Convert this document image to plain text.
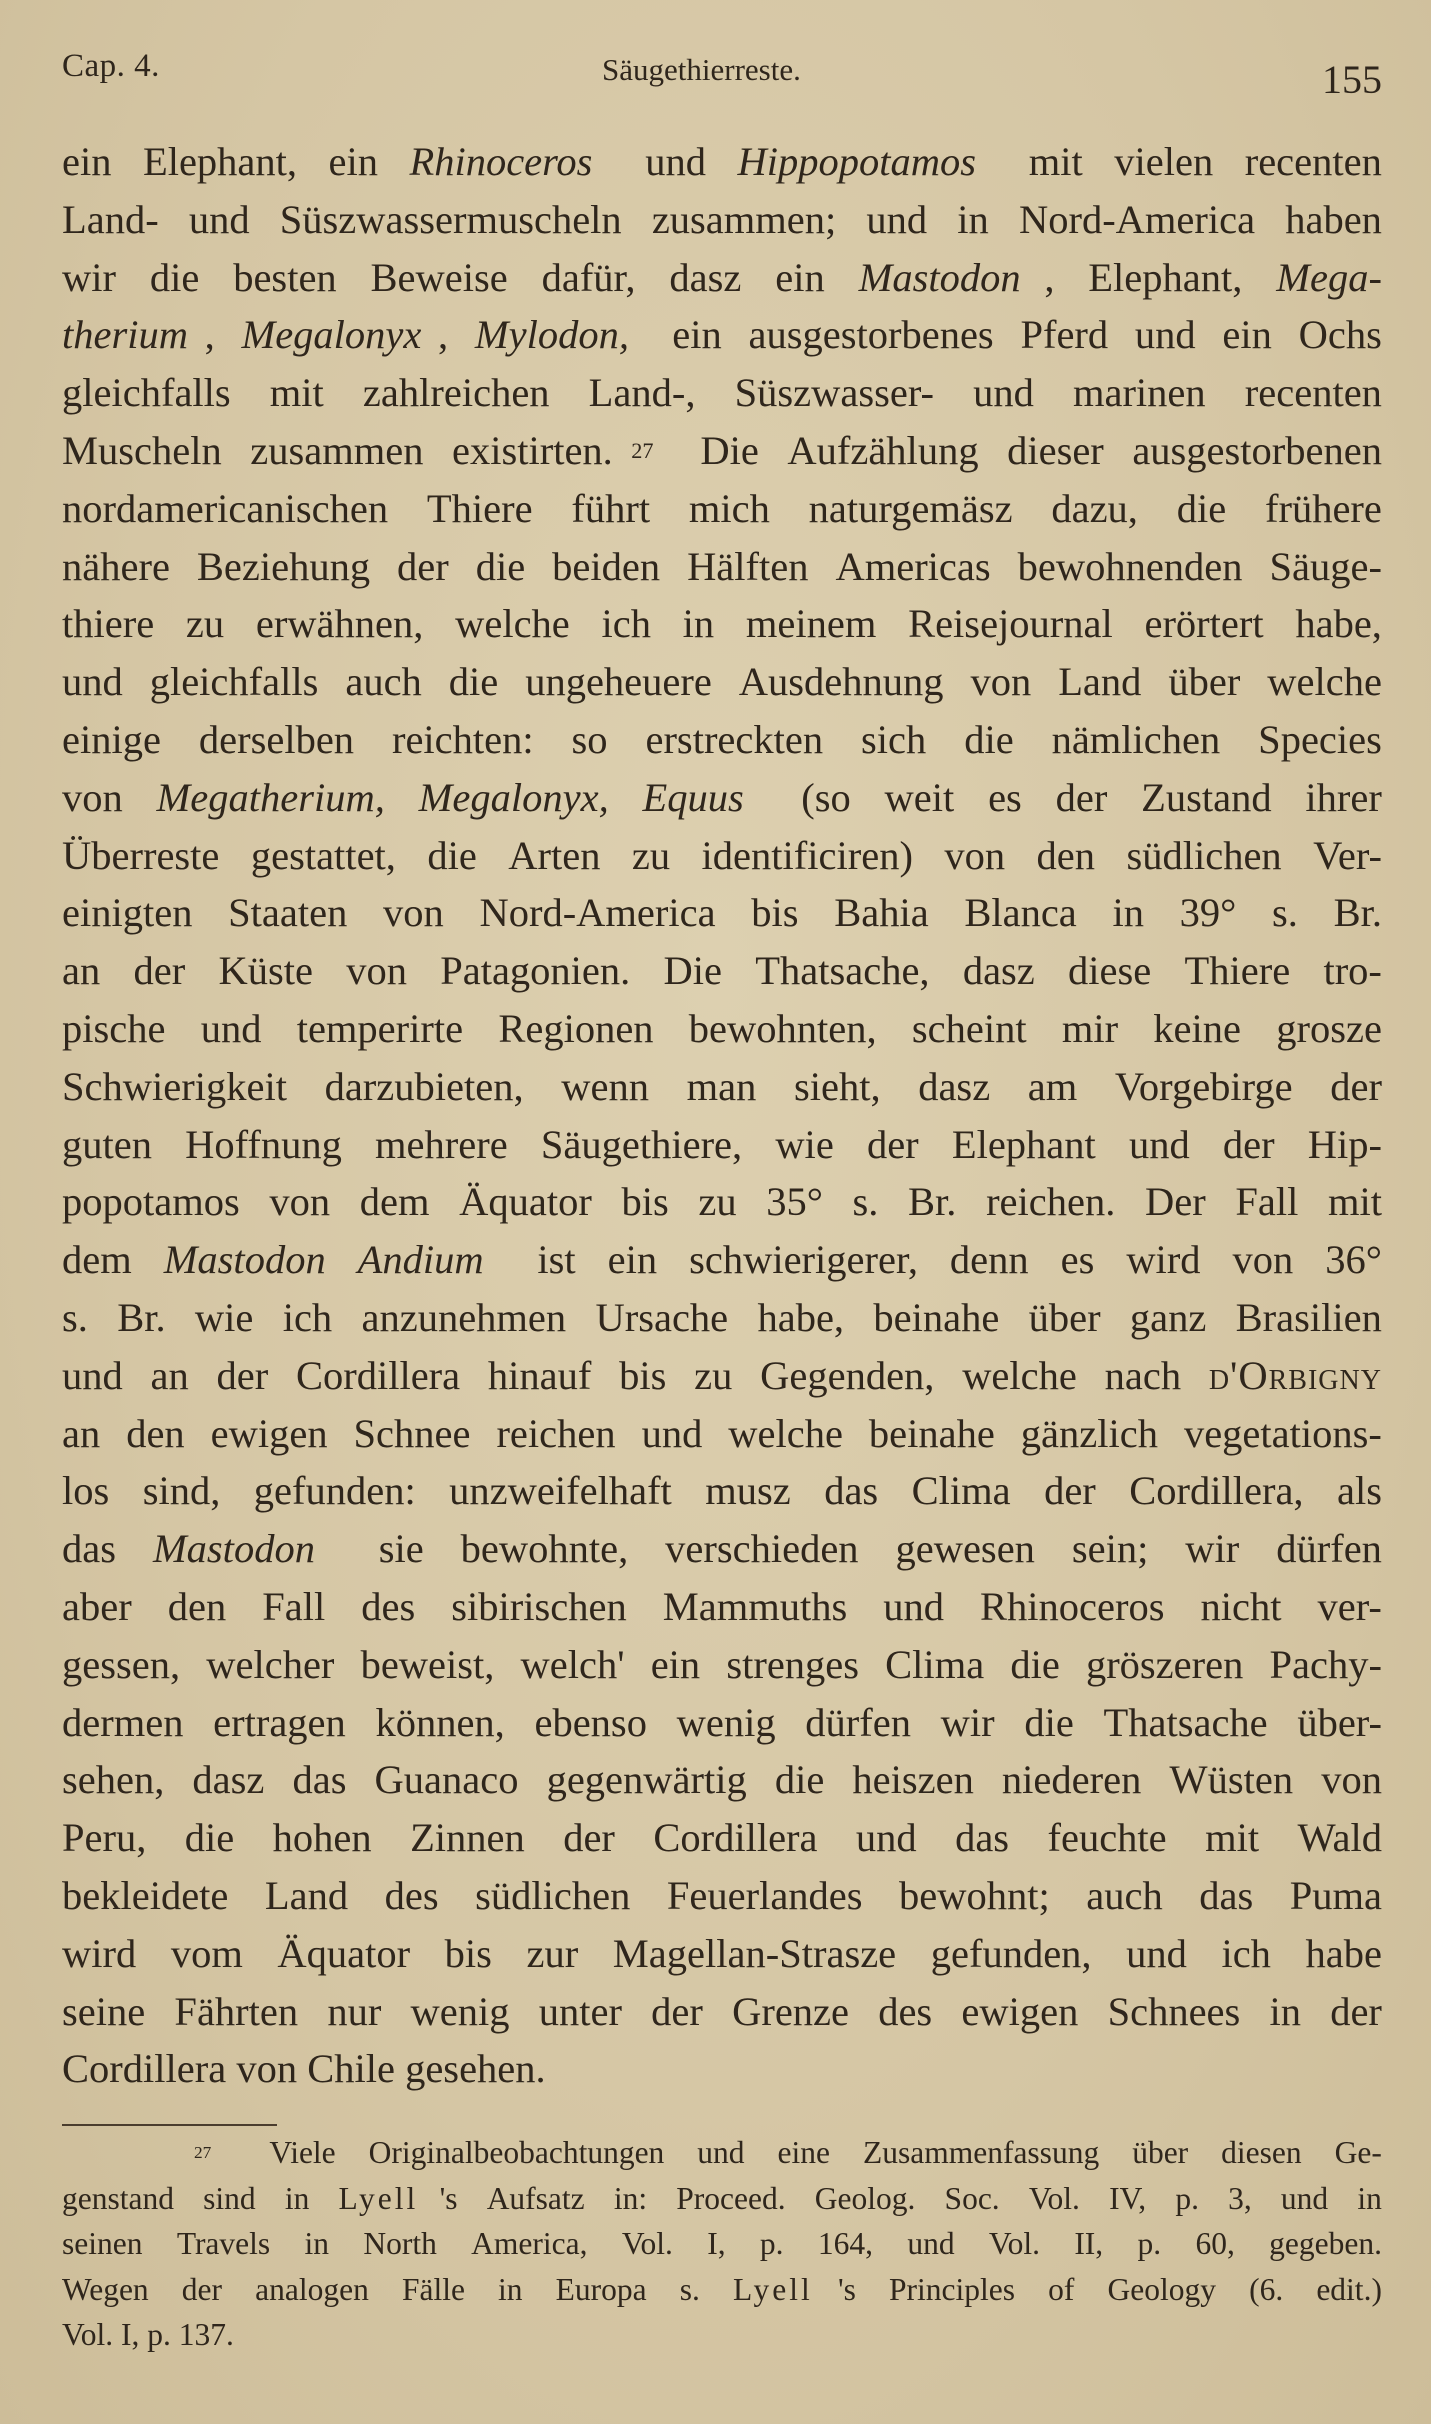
Cap. 4.	Säugethierreste.	155
ein Elephant, ein Rhinoceros
und Hippopotamos
mit vielen recenten
Land- und Süszwassermuscheln zusammen; und in Nord-America haben
wir die besten Beweise dafür, dasz ein Mastodon , Elephant, Mega-
therium , Megalonyx , Mylodon,
ein ausgestorbenes Pferd und ein Ochs
gleichfalls mit zahlreichen Land-, Süszwasser- und marinen recenten
Muscheln zusammen existirten. 27
Die Aufzählung dieser ausgestorbenen
nordamericanischen Thiere führt mich naturgemäsz dazu, die frühere
nähere Beziehung der die beiden Hälften Americas bewohnenden Säuge-
thiere zu erwähnen, welche ich in meinem Reisejournal erörtert habe,
und gleichfalls auch die ungeheuere Ausdehnung von Land über welche
einige derselben reichten: so erstreckten sich die nämlichen Species
von Megatherium, Megalonyx, Equus
(so weit es der Zustand ihrer
Überreste gestattet, die Arten zu identificiren) von den südlichen Ver-
einigten Staaten von Nord-America bis Bahia Blanca in 39° s. Br.
an der Küste von Patagonien. Die Thatsache, dasz diese Thiere tro-
pische und temperirte Regionen bewohnten, scheint mir keine grosze
Schwierigkeit darzubieten, wenn man sieht, dasz am Vorgebirge der
guten Hoffnung mehrere Säugethiere, wie der Elephant und der Hip-
popotamos von dem Äquator bis zu 35° s. Br. reichen. Der Fall mit
dem Mastodon Andium
ist ein schwierigerer, denn es wird von 36°
s. Br. wie ich anzunehmen Ursache habe, beinahe über ganz Brasilien
und an der Cordillera hinauf bis zu Gegenden, welche nach d'Orbigny
an den ewigen Schnee reichen und welche beinahe gänzlich vegetations-
los sind, gefunden: unzweifelhaft musz das Clima der Cordillera, als
das Mastodon
sie bewohnte, verschieden gewesen sein; wir dürfen
aber den Fall des sibirischen Mammuths und Rhinoceros nicht ver-
gessen, welcher beweist, welch' ein strenges Clima die gröszeren Pachy-
dermen ertragen können, ebenso wenig dürfen wir die Thatsache über-
sehen, dasz das Guanaco gegenwärtig die heiszen niederen Wüsten von
Peru, die hohen Zinnen der Cordillera und das feuchte mit Wald
bekleidete Land des südlichen Feuerlandes bewohnt; auch das Puma
wird vom Äquator bis zur Magellan-Strasze gefunden, und ich habe
seine Fährten nur wenig unter der Grenze des ewigen Schnees in der
Cordillera von Chile gesehen.

27
Viele Originalbeobachtungen und eine Zusammenfassung über diesen Ge-
genstand sind in Lyell 's Aufsatz in: Proceed. Geolog. Soc. Vol. IV, p. 3, und in
seinen Travels in North America, Vol. I, p. 164, und Vol. II, p. 60, gegeben.
Wegen der analogen Fälle in Europa s. Lyell 's Principles of Geology (6. edit.)
Vol. I, p. 137.
